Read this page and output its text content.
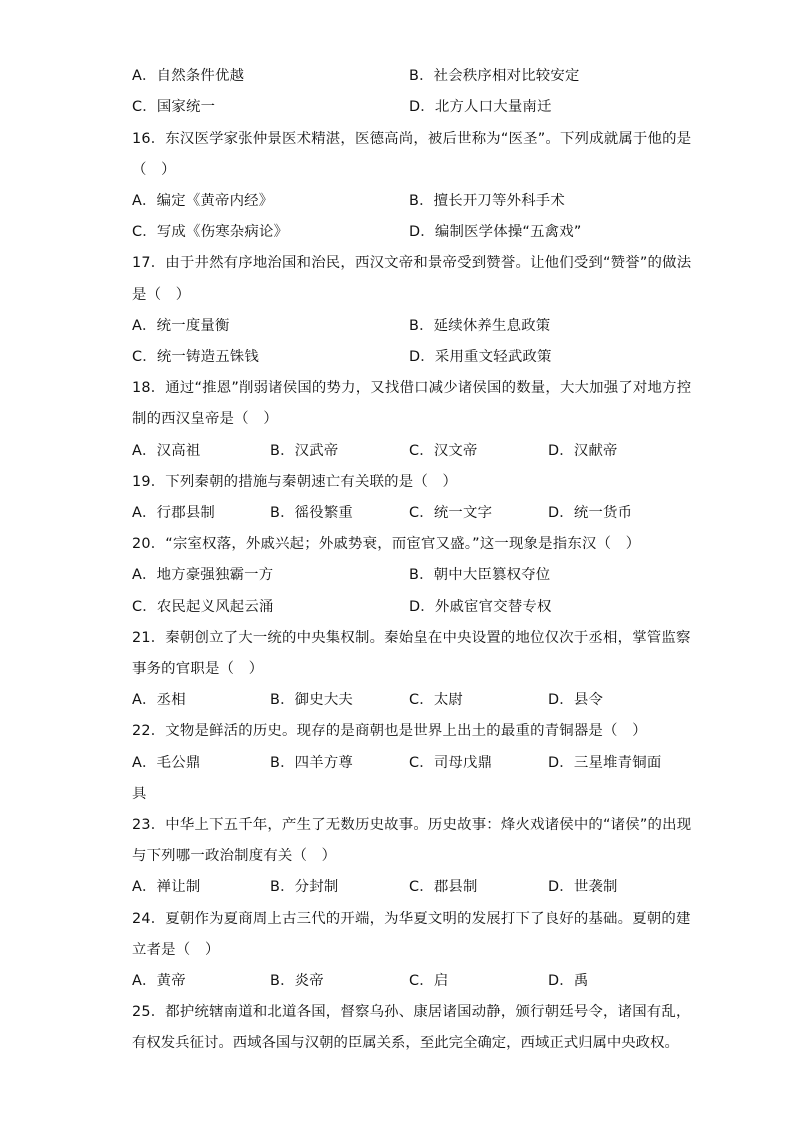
A．自然条件优越	B．社会秩序相对比较安定
C．国家统一	D．北方人口大量南迁
16．东汉医学家张仲景医术精湛，医德高尚，被后世称为“医圣”。下列成就属于他的是
（　）
A．编定《黄帝内经》	B．擅长开刀等外科手术
C．写成《伤寒杂病论》	D．编制医学体操“五禽戏”
17．由于井然有序地治国和治民，西汉文帝和景帝受到赞誉。让他们受到“赞誉”的做法
是（　）
A．统一度量衡	B．延续休养生息政策
C．统一铸造五铢钱	D．采用重文轻武政策
18．通过“推恩”削弱诸侯国的势力，又找借口减少诸侯国的数量，大大加强了对地方控
制的西汉皇帝是（　）
A．汉高祖	B．汉武帝	C．汉文帝	D．汉献帝
19．下列秦朝的措施与秦朝速亡有关联的是（　）
A．行郡县制	B．徭役繁重	C．统一文字	D．统一货币
20．“宗室权落，外戚兴起；外戚势衰，而宦官又盛。”这一现象是指东汉（　）
A．地方豪强独霸一方	B．朝中大臣篡权夺位
C．农民起义风起云涌	D．外戚宦官交替专权
21．秦朝创立了大一统的中央集权制。秦始皇在中央设置的地位仅次于丞相，掌管监察
事务的官职是（　）
A．丞相	B．御史大夫	C．太尉	D．县令
22．文物是鲜活的历史。现存的是商朝也是世界上出土的最重的青铜器是（　）
A．毛公鼎	B．四羊方尊	C．司母戊鼎	D．三星堆青铜面
具
23．中华上下五千年，产生了无数历史故事。历史故事：烽火戏诸侯中的“诸侯”的出现
与下列哪一政治制度有关（　）
A．禅让制	B．分封制	C．郡县制	D．世袭制
24．夏朝作为夏商周上古三代的开端，为华夏文明的发展打下了良好的基础。夏朝的建
立者是（　）
A．黄帝	B．炎帝	C．启	D．禹
25．都护统辖南道和北道各国，督察乌孙、康居诸国动静，颁行朝廷号令，诸国有乱，
有权发兵征讨。西域各国与汉朝的臣属关系，至此完全确定，西域正式归属中央政权。
